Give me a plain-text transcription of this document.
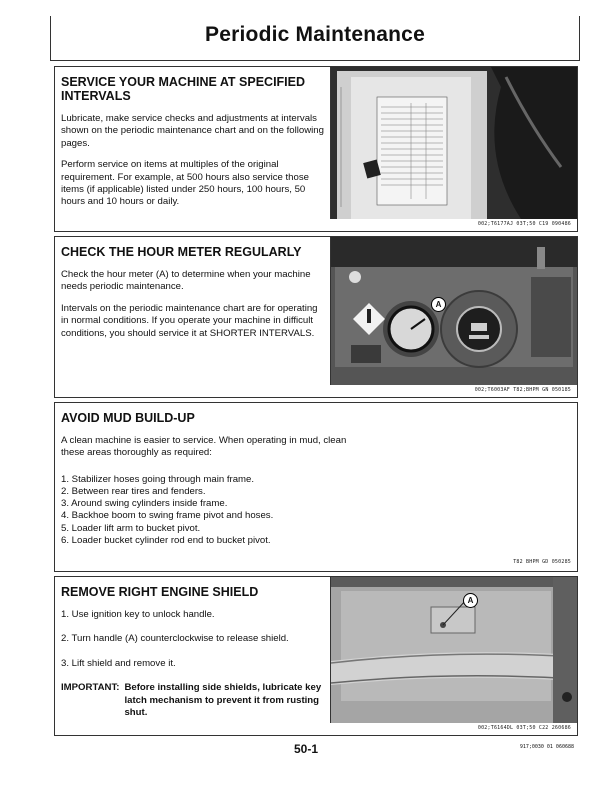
Periodic Maintenance
SERVICE YOUR MACHINE AT SPECIFIED INTERVALS

Lubricate, make service checks and adjustments at intervals shown on the periodic maintenance chart and on the following pages.

Perform service on items at multiples of the original requirement. For example, at 500 hours also service those items (if applicable) listed under 250 hours, 100 hours, 50 hours and 10 hours or daily.

002;T6177AJ 03T;50 C19 090486
CHECK THE HOUR METER REGULARLY

Check the hour meter (A) to determine when your machine needs periodic maintenance.

Intervals on the periodic maintenance chart are for operating in normal conditions. If you operate your machine in difficult conditions, you should service it at SHORTER INTERVALS.

A
002;T6003AF T82;BHPM GN 050185
AVOID MUD BUILD-UP

A clean machine is easier to service. When operating in mud, clean these areas thoroughly as required:

1. Stabilizer hoses going through main frame.
2. Between rear tires and fenders.
3. Around swing cylinders inside frame.
4. Backhoe boom to swing frame pivot and hoses.
5. Loader lift arm to bucket pivot.
6. Loader bucket cylinder rod end to bucket pivot.
T82 BHPM GD 050285
REMOVE RIGHT ENGINE SHIELD

1. Use ignition key to unlock handle.

2. Turn handle (A) counterclockwise to release shield.

3. Lift shield and remove it.

IMPORTANT: Before installing side shields, lubricate key latch mechanism to prevent it from rusting shut.
A
002;T6164DL 03T;50 C22 260686
50-1	917;0030 01 060688
